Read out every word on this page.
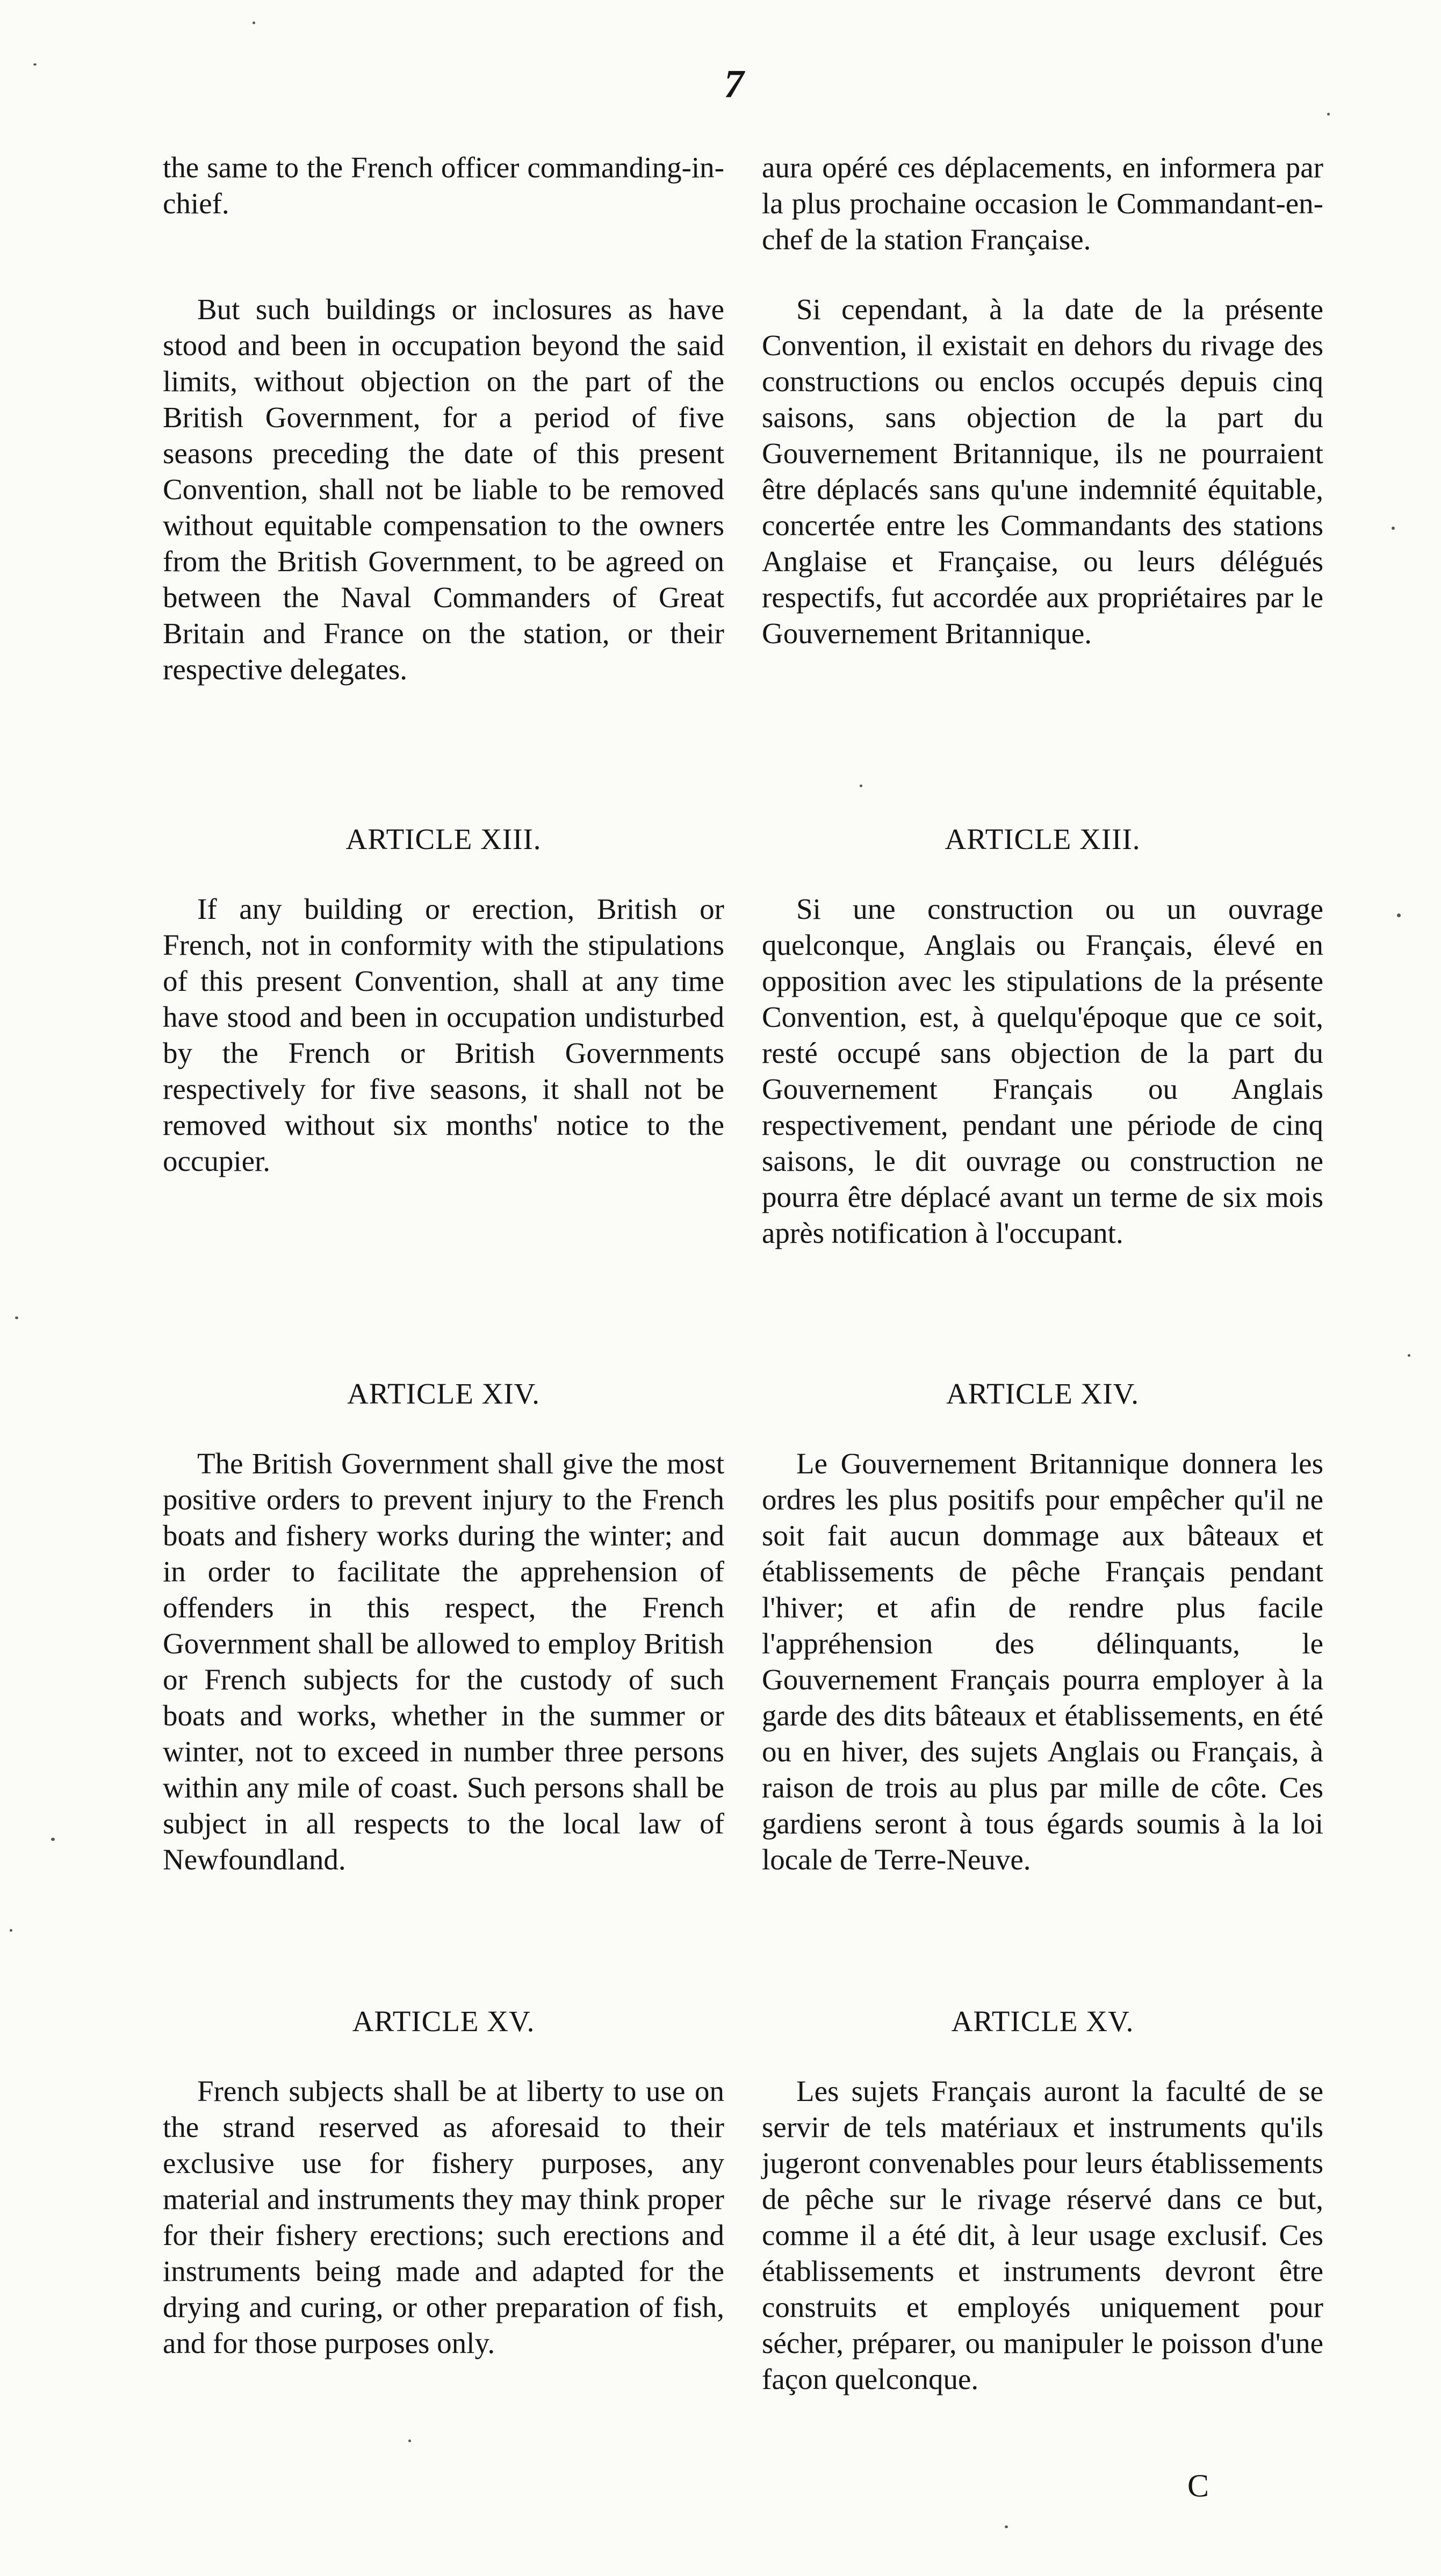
7

the same to the French officer commanding-in-chief.

But such buildings or inclosures as have stood and been in occupation beyond the said limits, without objection on the part of the British Government, for a period of five seasons preceding the date of this present Convention, shall not be liable to be removed without equitable compensation to the owners from the British Government, to be agreed on between the Naval Commanders of Great Britain and France on the station, or their respective delegates.

ARTICLE XIII.

If any building or erection, British or French, not in conformity with the stipulations of this present Convention, shall at any time have stood and been in occupation undisturbed by the French or British Governments respectively for five seasons, it shall not be removed without six months' notice to the occupier.

ARTICLE XIV.

The British Government shall give the most positive orders to prevent injury to the French boats and fishery works during the winter; and in order to facilitate the apprehension of offenders in this respect, the French Government shall be allowed to employ British or French subjects for the custody of such boats and works, whether in the summer or winter, not to exceed in number three persons within any mile of coast. Such persons shall be subject in all respects to the local law of Newfoundland.

ARTICLE XV.

French subjects shall be at liberty to use on the strand reserved as aforesaid to their exclusive use for fishery purposes, any material and instruments they may think proper for their fishery erections; such erections and instruments being made and adapted for the drying and curing, or other preparation of fish, and for those purposes only.

aura opéré ces déplacements, en informera par la plus prochaine occasion le Commandant-en-chef de la station Française.

Si cependant, à la date de la présente Convention, il existait en dehors du rivage des constructions ou enclos occupés depuis cinq saisons, sans objection de la part du Gouvernement Britannique, ils ne pourraient être déplacés sans qu'une indemnité équitable, concertée entre les Commandants des stations Anglaise et Française, ou leurs délégués respectifs, fut accordée aux propriétaires par le Gouvernement Britannique.

ARTICLE XIII.

Si une construction ou un ouvrage quelconque, Anglais ou Français, élevé en opposition avec les stipulations de la présente Convention, est, à quelqu'époque que ce soit, resté occupé sans objection de la part du Gouvernement Français ou Anglais respectivement, pendant une période de cinq saisons, le dit ouvrage ou construction ne pourra être déplacé avant un terme de six mois après notification à l'occupant.

ARTICLE XIV.

Le Gouvernement Britannique donnera les ordres les plus positifs pour empêcher qu'il ne soit fait aucun dommage aux bâteaux et établissements de pêche Français pendant l'hiver; et afin de rendre plus facile l'appréhension des délinquants, le Gouvernement Français pourra employer à la garde des dits bâteaux et établissements, en été ou en hiver, des sujets Anglais ou Français, à raison de trois au plus par mille de côte. Ces gardiens seront à tous égards soumis à la loi locale de Terre-Neuve.

ARTICLE XV.

Les sujets Français auront la faculté de se servir de tels matériaux et instruments qu'ils jugeront convenables pour leurs établissements de pêche sur le rivage réservé dans ce but, comme il a été dit, à leur usage exclusif. Ces établissements et instruments devront être construits et employés uniquement pour sécher, préparer, ou manipuler le poisson d'une façon quelconque.

C
